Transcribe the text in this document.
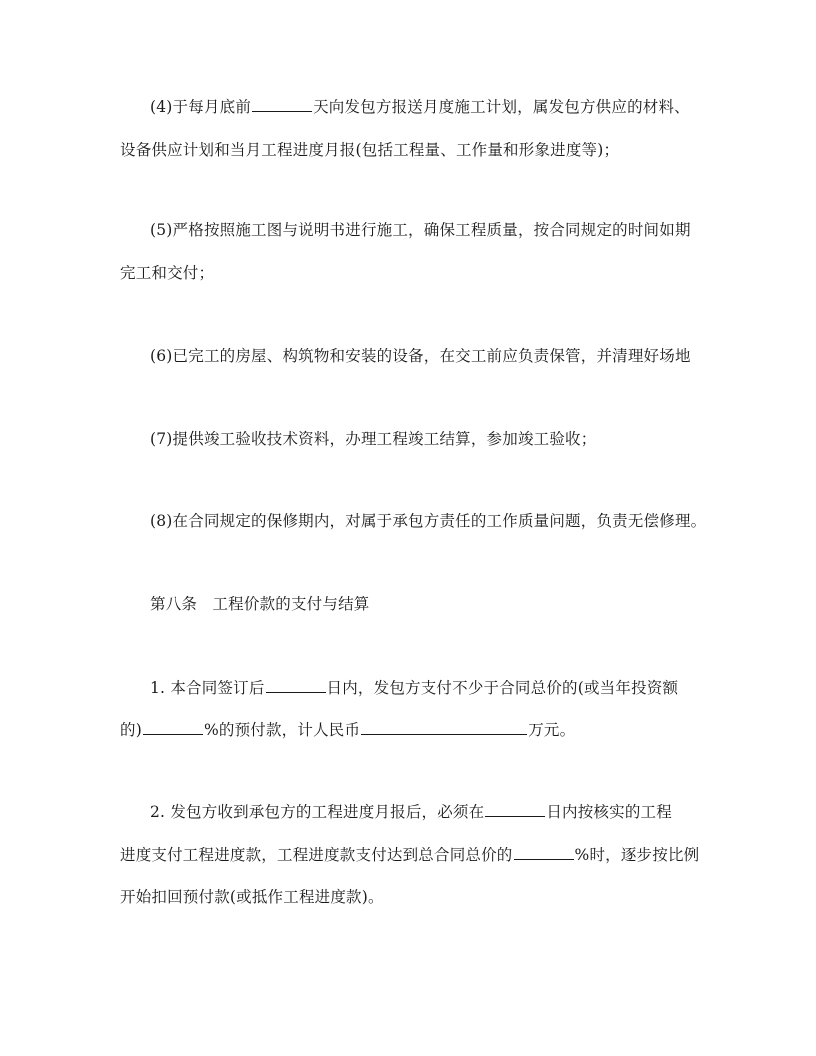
(4)于每月底前	天向发包方报送月度施工计划，属发包方供应的材料、
设备供应计划和当月工程进度月报(包括工程量、工作量和形象进度等)；
(5)严格按照施工图与说明书进行施工，确保工程质量，按合同规定的时间如期
完工和交付；
(6)已完工的房屋、构筑物和安装的设备，在交工前应负责保管，并清理好场地
(7)提供竣工验收技术资料，办理工程竣工结算，参加竣工验收；
(8)在合同规定的保修期内，对属于承包方责任的工作质量问题，负责无偿修理。
第八条   工程价款的支付与结算
1. 本合同签订后	日内，发包方支付不少于合同总价的(或当年投资额
的)	%的预付款，计人民币	万元。
2. 发包方收到承包方的工程进度月报后，必须在	日内按核实的工程
进度支付工程进度款，工程进度款支付达到总合同总价的	%时，逐步按比例
开始扣回预付款(或抵作工程进度款)。
